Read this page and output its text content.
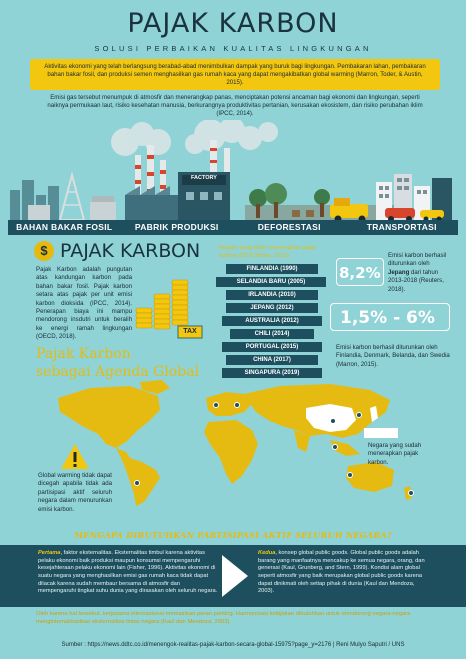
PAJAK KARBON
SOLUSI PERBAIKAN KUALITAS LINGKUNGAN
Aktivitas ekonomi yang telah berlangsung berabad-abad menimbulkan dampak yang buruk bagi lingkungan. Pembakaran lahan, pembakaran bahan bakar fosil, dan produksi semen menghasilkan gas rumah kaca yang dapat mengakibatkan global warming (Marron, Toder, & Austin, 2015).
Emisi gas tersebut menumpuk di atmosfir dan menerangkap panas, menciptakan potensi ancaman bagi ekonomi dan lingkungan, seperti naiknya permukaan laut, risiko kesehatan manusia, berkurangnya produktivitas pertanian, kerusakan ekosistem, dan risiko perubahan iklim (IPCC, 2014).
FACTORY
BAHAN BAKAR FOSIL	PABRIK PRODUKSI	DEFORESTASI	TRANSPORTASI
$ PAJAK KARBON
Pajak Karbon adalah pungutan atas kandungan karbon pada bahan bakar fosil. Pajak karbon setara atas pajak per unit emisi karbon dioksida (IPCC, 2014). Penerapan biaya ini mampu mendorong insdutri untuk beralih ke energi ramah lingkungan (OECD, 2018).
TAX
Negara yang telah menerapkan pajak karbon (DDTCNews, 2015).
FINLANDIA (1990)
SELANDIA BARU (2005)
IRLANDIA (2010)
JEPANG (2012)
AUSTRALIA (2012)
CHILI (2014)
PORTUGAL (2015)
CHINA (2017)
SINGAPURA (2019)
8,2%
Emisi karbon berhasil diturunkan oleh Jepang dari tahun 2013-2018 (Reuters, 2018).
1,5% - 6%
Emisi karbon berhasil diturunkan oleh Finlandia, Denmark, Belanda, dan Swedia (Marron, 2015).
Pajak Karbon
sebagai Agenda Global
Global warming tidak dapat dicegah apabila tidak ada partisipasi aktif seluruh negara dalam menurunkan emisi karbon.
Negara yang sudah menerapkan pajak karbon.
MENGAPA DIBUTUHKAN PARTISIPASI AKTIF SELURUH NEGARA?
Pertama, faktor eksternalitas. Eksternalitas timbul karena aktivitas pelaku ekonomi baik produksi maupun konsumsi mempengaruhi kesejahteraan pelaku ekonomi lain (Fisher, 1996). Aktivitas ekonomi di suatu negara yang menghasilkan emisi gas rumah kaca tidak dapat dilacak karena sudah membaur bersama di atmosfir dan mempengaruhi tingkat suhu dunia yang dirasakan oleh seluruh negara.
Kedua, konsep global public goods. Global public goods adalah barang yang manfaatnya mencakup ke semua negara, orang, dan generasi (Kaul, Grunberg, and Stern, 1999). Kondisi alam global seperti atmosfir yang baik merupakan global public goods karena dapat dinikmati oleh setiap pihak di dunia (Kaul dan Mendoza, 2003).
Oleh karena hal tersebut, kerjasama internasional memainkan peran penting. Harmonisasi kebijakan dibutuhkan untuk mendorong negara-negara menginternalisasikan eksternalitas lintas negara (Kaul dan Mendoza, 2003).
Sumber : https://news.ddtc.co.id/menengok-realitas-pajak-karbon-secara-global-15975?page_y=2176 | Reni Mulyo Saputri / UNS
